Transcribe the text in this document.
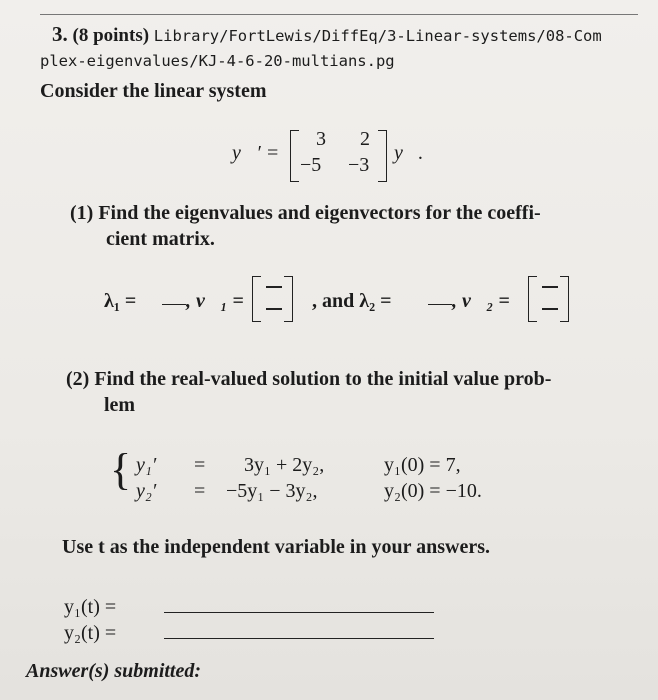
3. (8 points) Library/FortLewis/DiffEq/3-Linear-systems/08-Com
plex-eigenvalues/KJ-4-6-20-multians.pg
Consider the linear system
y⃗′ =
3 2
−5 −3
y⃗.
(1) Find the eigenvalues and eigenvectors for the coeffi-
cient matrix.
λ₁ = , v⃗₁ =	, and λ₂ =	, v⃗₂ =
(2) Find the real-valued solution to the initial value prob-
lem
{ y₁′ = 3y₁ + 2y₂,	y₁(0) = 7,
y₂′ = −5y₁ − 3y₂,	y₂(0) = −10.
Use t as the independent variable in your answers.
y₁(t) =
y₂(t) =
Answer(s) submitted:
